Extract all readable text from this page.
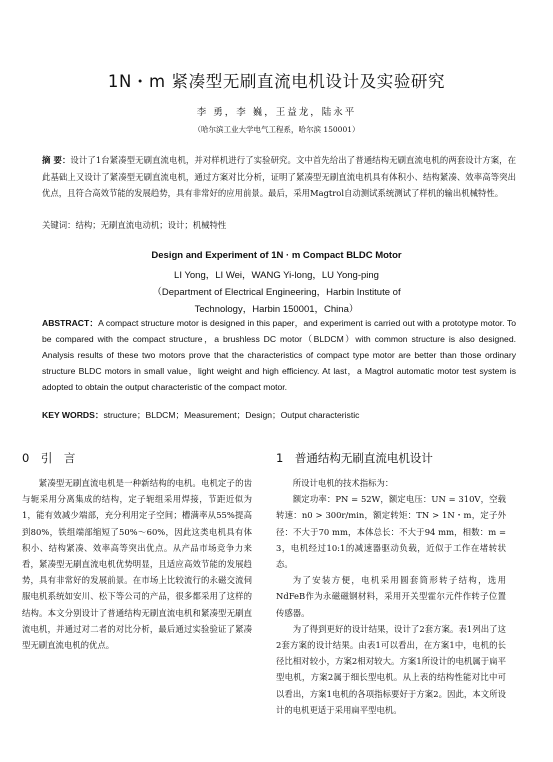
1N・m 紧凑型无刷直流电机设计及实验研究
李 勇，李 巍，王益龙，陆永平
（哈尔滨工业大学电气工程系，哈尔滨 150001）
摘 要：设计了1台紧凑型无刷直流电机，并对样机进行了实验研究。文中首先给出了普通结构无刷直流电机的两套设计方案，在此基础上又设计了紧凑型无刷直流电机，通过方案对比分析，证明了紧凑型无刷直流电机具有体积小、结构紧凑、效率高等突出优点，且符合高效节能的发展趋势，具有非常好的应用前景。最后，采用Magtrol自动测试系统测试了样机的输出机械特性。
关键词：结构；无刷直流电动机；设计；机械特性
Design and Experiment of 1N · m Compact BLDC Motor
LI Yong，LI Wei，WANG Yi-long，LU Yong-ping
（Department of Electrical Engineering，Harbin Institute of
Technology，Harbin 150001，China）
ABSTRACT：A compact structure motor is designed in this paper，and experiment is carried out with a prototype motor. To be compared with the compact structure，a brushless DC motor（BLDCM）with common structure is also designed. Analysis results of these two motors prove that the characteristics of compact type motor are better than those ordinary structure BLDC motors in small value，light weight and high efficiency. At last，a Magtrol automatic motor test system is adopted to obtain the output characteristic of the compact motor.
KEY WORDS：structure；BLDCM；Measurement；Design；Output characteristic
0　引　言	1　普通结构无刷直流电机设计

紧凑型无刷直流电机是一种新结构的电机。电机定子的齿与轭采用分离集成的结构，定子轭组采用焊接，节距近似为1，能有效减少端部，充分利用定子空间；槽满率从55%提高到80%，铁组端部缩短了50%～60%，因此这类电机具有体积小、结构紧凑、效率高等突出优点。从产品市场竞争力来看，紧凑型无刷直流电机优势明显，且适应高效节能的发展趋势，具有非常好的发展前景。在市场上比较流行的永磁交流伺服电机系统如安川、松下等公司的产品，很多都采用了这样的结构。本文分别设计了普通结构无刷直流电机和紧凑型无刷直流电机，并通过对二者的对比分析，最后通过实验验证了紧凑型无刷直流电机的优点。

所设计电机的技术指标为：

额定功率：PN = 52W，额定电压：UN = 310V，空载转速：n0 > 300r/min，额定转矩：TN > 1N・m，定子外径：不大于70 mm，本体总长：不大于94 mm，相数：m = 3，电机经过10:1的减速器驱动负载，近似于工作在堵转状态。

为了安装方便，电机采用圆套筒形转子结构，选用NdFeB作为永磁磁钢材料，采用开关型霍尔元件作转子位置传感器。

为了得到更好的设计结果，设计了2套方案。表1列出了这2套方案的设计结果。由表1可以看出，在方案1中，电机的长径比相对较小，方案2相对较大。方案1所设计的电机属于扁平型电机，方案2属于细长型电机。从上表的结构性能对比中可以看出，方案1电机的各项指标要好于方案2。因此，本文所设计的电机更适于采用扁平型电机。
